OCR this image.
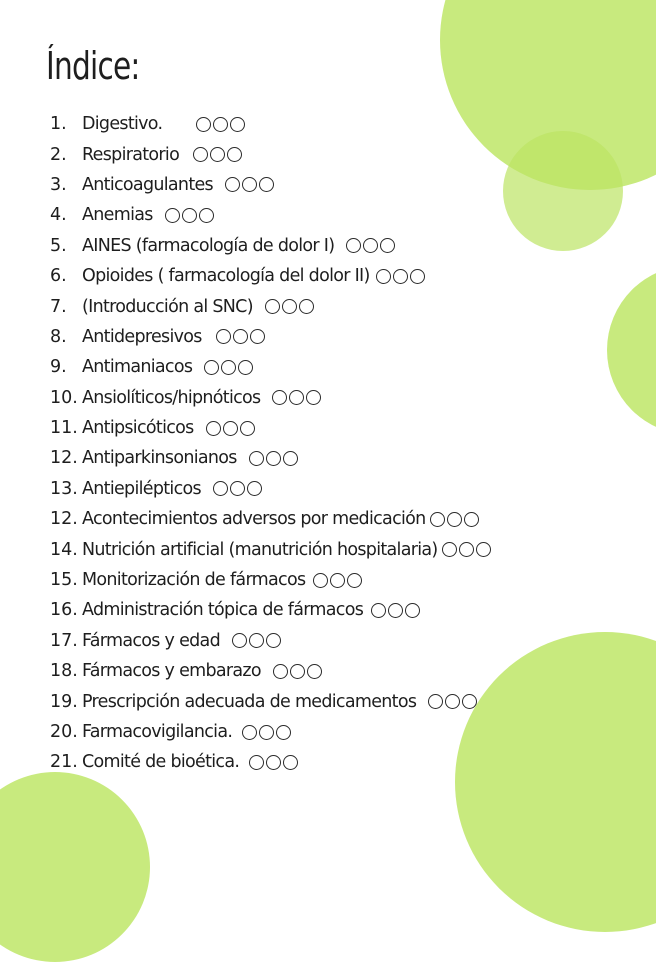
Índice:
1. Digestivo.
2. Respiratorio
3. Anticoagulantes
4. Anemias
5. AINES (farmacología de dolor I)
6. Opioides ( farmacología del dolor II)
7. (Introducción al SNC)
8. Antidepresivos
9. Antimaniacos
10. Ansiolíticos/hipnóticos
11. Antipsicóticos
12. Antiparkinsonianos
13. Antiepilépticos
12. Acontecimientos adversos por medicación
14. Nutrición artificial (manutrición hospitalaria)
15. Monitorización de fármacos
16. Administración tópica de fármacos
17. Fármacos y edad
18. Fármacos y embarazo
19. Prescripción adecuada de medicamentos
20. Farmacovigilancia.
21. Comité de bioética.
